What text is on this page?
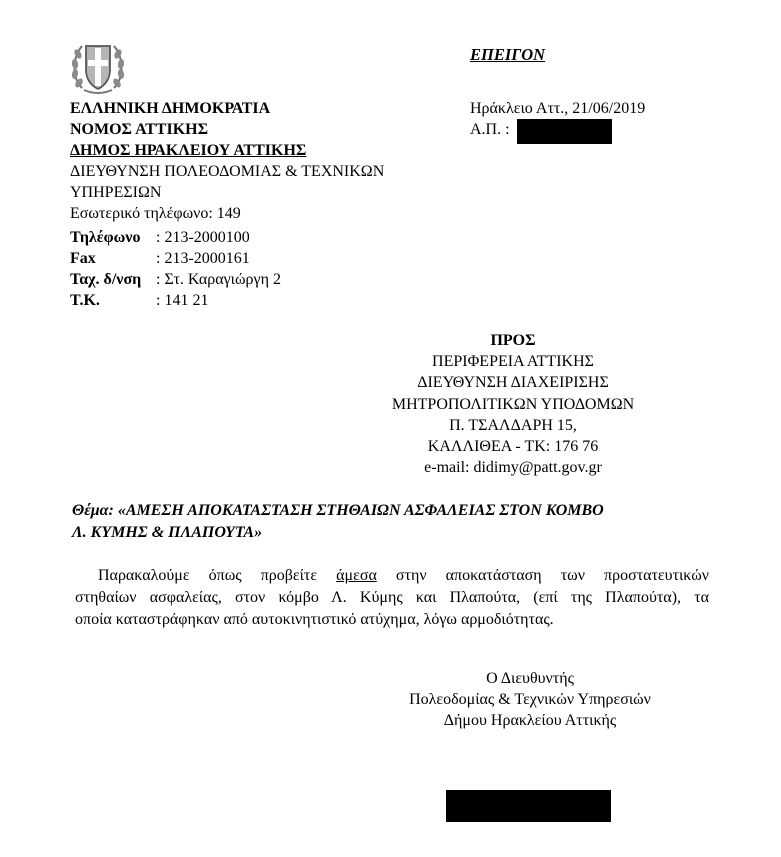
ΕΠΕΙΓΟΝ
Ηράκλειο Αττ., 21/06/2019
Α.Π. :
ΕΛΛΗΝΙΚΗ ΔΗΜΟΚΡΑΤΙΑ
ΝΟΜΟΣ ΑΤΤΙΚΗΣ
ΔΗΜΟΣ ΗΡΑΚΛΕΙΟΥ ΑΤΤΙΚΗΣ
ΔΙΕΥΘΥΝΣΗ ΠΟΛΕΟΔΟΜΙΑΣ & ΤΕΧΝΙΚΩΝ
ΥΠΗΡΕΣΙΩΝ
Εσωτερικό τηλέφωνο: 149
Τηλέφωνο : 213-2000100
Fax	: 213-2000161
Ταχ. δ/νση : Στ. Καραγιώργη 2
Τ.Κ.	: 141 21
ΠΡΟΣ
ΠΕΡΙΦΕΡΕΙΑ ΑΤΤΙΚΗΣ
ΔΙΕΥΘΥΝΣΗ ΔΙΑΧΕΙΡΙΣΗΣ
ΜΗΤΡΟΠΟΛΙΤΙΚΩΝ ΥΠΟΔΟΜΩΝ
Π. ΤΣΑΛΔΑΡΗ 15,
ΚΑΛΛΙΘΕΑ - ΤΚ: 176 76
e-mail: didimy@patt.gov.gr
Θέμα: «ΑΜΕΣΗ ΑΠΟΚΑΤΑΣΤΑΣΗ ΣΤΗΘΑΙΩΝ ΑΣΦΑΛΕΙΑΣ ΣΤΟΝ ΚΟΜΒΟ
Λ. ΚΥΜΗΣ & ΠΛΑΠΟΥΤΑ»
Παρακαλούμε όπως προβείτε άμεσα στην αποκατάσταση των προστατευτικών
στηθαίων ασφαλείας, στον κόμβο Λ. Κύμης και Πλαπούτα, (επί της Πλαπούτα), τα
οποία καταστράφηκαν από αυτοκινητιστικό ατύχημα, λόγω αρμοδιότητας.
Ο Διευθυντής
Πολεοδομίας & Τεχνικών Υπηρεσιών
Δήμου Ηρακλείου Αττικής
